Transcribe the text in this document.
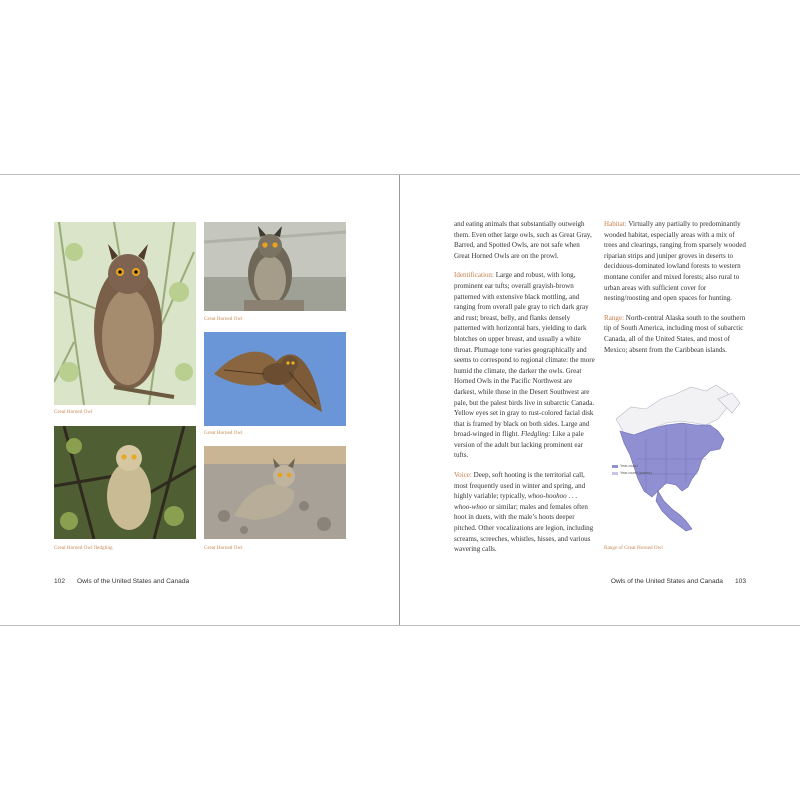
Great Horned Owl
Great Horned Owl
Great Horned Owl
Great Horned Owl fledgling	Great Horned Owl
102 Owls of the United States and Canada

and eating animals that substantially outweigh them. Even other large owls, such as Great Gray, Barred, and Spotted Owls, are not safe when Great Horned Owls are on the prowl.

Identification: Large and robust, with long, prominent ear tufts; overall grayish-brown patterned with extensive black mottling, and ranging from overall pale gray to rich dark gray and rust; breast, belly, and flanks densely patterned with horizontal bars, yielding to dark blotches on upper breast, and usually a white throat. Plumage tone varies geographically and seems to correspond to regional climate: the more humid the climate, the darker the owls. Great Horned Owls in the Pacific Northwest are darkest, while those in the Desert Southwest are pale, but the palest birds live in subarctic Canada. Yellow eyes set in gray to rust-colored facial disk that is framed by black on both sides. Large and broad-winged in flight. Fledgling: Like a pale version of the adult but lacking prominent ear tufts.

Voice: Deep, soft hooting is the territorial call, most frequently used in winter and spring, and highly variable; typically, whoo-hoohoo . . . whoo-whoo or similar; males and females often hoot in duets, with the male’s hoots deeper pitched. Other vocalizations are legion, including screams, screeches, whistles, hisses, and various wavering calls.

Habitat: Virtually any partially to predominantly wooded habitat, especially areas with a mix of trees and clearings, ranging from sparsely wooded riparian strips and juniper groves in deserts to deciduous-dominated lowland forests to western montane conifer and mixed forests; also rural to urban areas with sufficient cover for nesting/roosting and open spaces for hunting.

Range: North-central Alaska south to the southern tip of South America, including most of subarctic Canada, all of the United States, and most of Mexico; absent from the Caribbean islands.

Year-round
Year-round (sparse)
Range of Great Horned Owl
Owls of the United States and Canada 103
